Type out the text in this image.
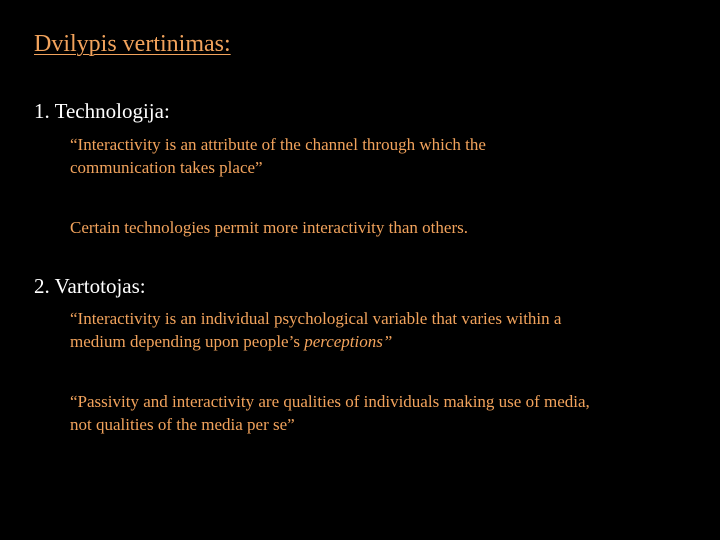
Dvilypis vertinimas:
1. Technologija:
“Interactivity is an attribute of the channel through which the
communication takes place”
Certain technologies permit more interactivity than others.
2. Vartotojas:
“Interactivity is an individual psychological variable that varies within a
medium depending upon people’s perceptions”
“Passivity and interactivity are qualities of individuals making use of media,
not qualities of the media per se”
